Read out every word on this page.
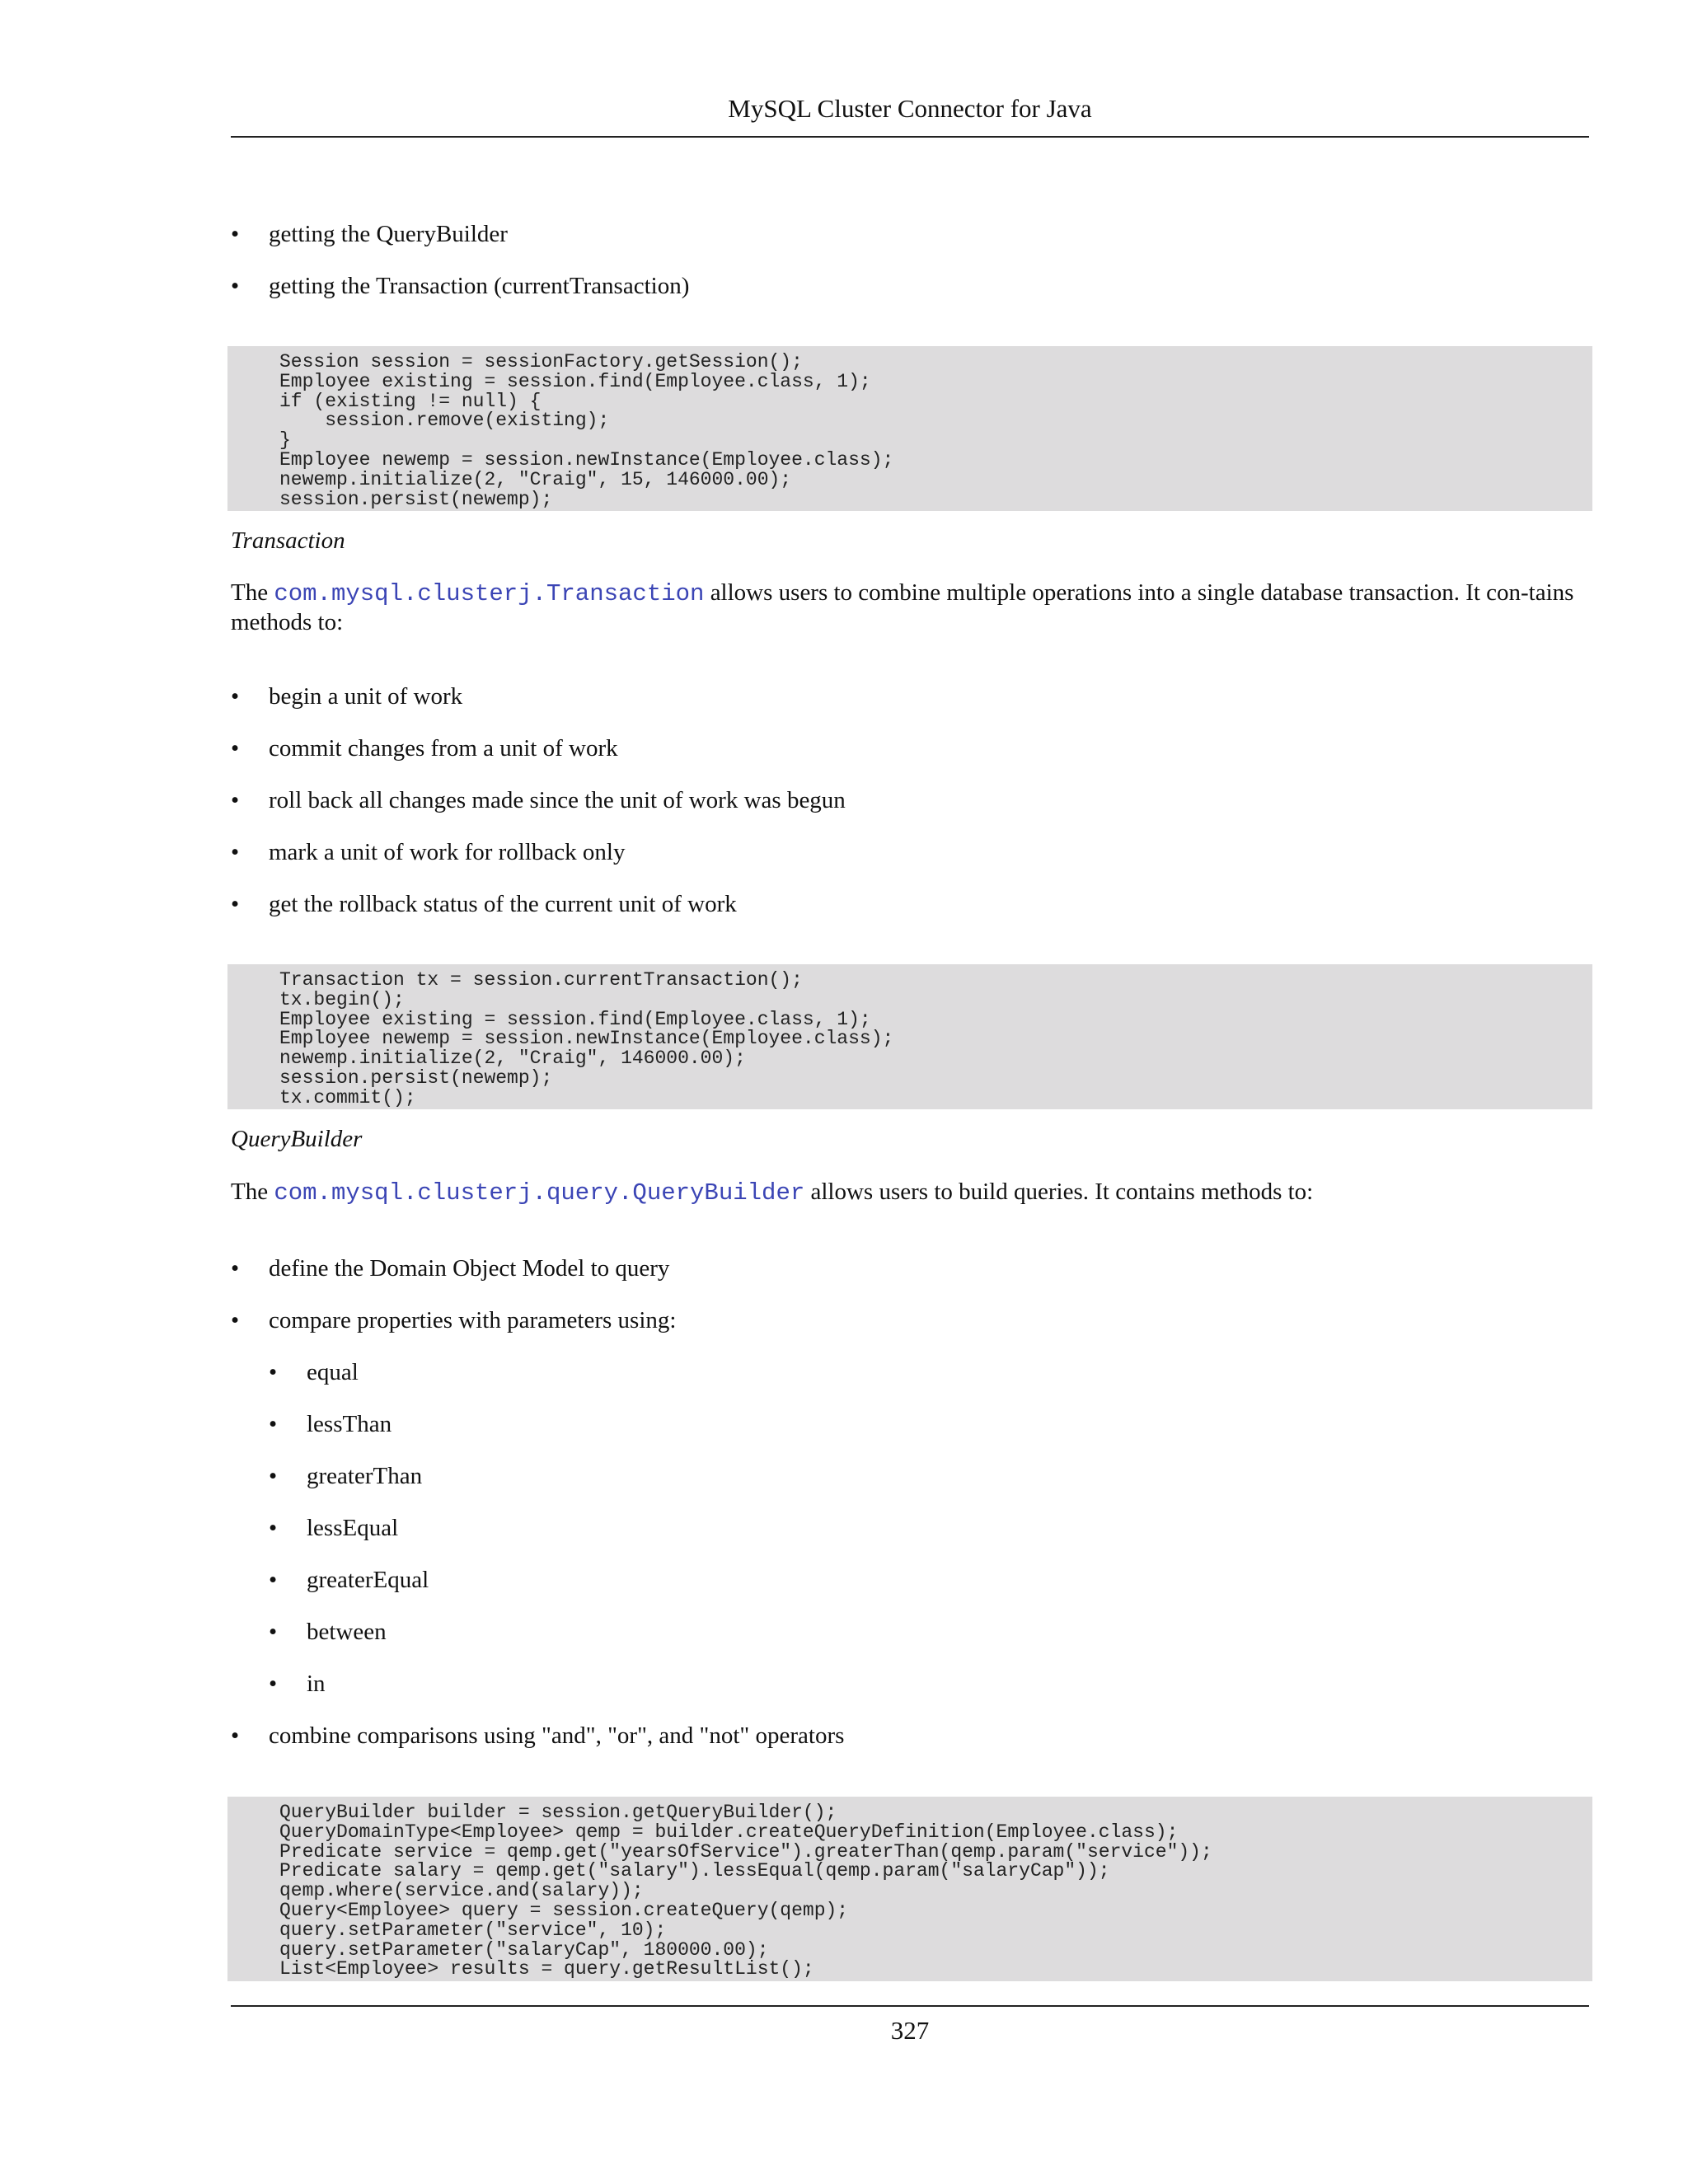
MySQL Cluster Connector for Java
• getting the QueryBuilder
• getting the Transaction (currentTransaction)
Session session = sessionFactory.getSession();
Employee existing = session.find(Employee.class, 1);
if (existing != null) {
session.remove(existing);
}
Employee newemp = session.newInstance(Employee.class);
newemp.initialize(2, "Craig", 15, 146000.00);
session.persist(newemp);
Transaction
The com.mysql.clusterj.Transaction allows users to combine multiple operations into a single database transaction. It con-tains methods to:
• begin a unit of work
• commit changes from a unit of work
• roll back all changes made since the unit of work was begun
• mark a unit of work for rollback only
• get the rollback status of the current unit of work
Transaction tx = session.currentTransaction();
tx.begin();
Employee existing = session.find(Employee.class, 1);
Employee newemp = session.newInstance(Employee.class);
newemp.initialize(2, "Craig", 146000.00);
session.persist(newemp);
tx.commit();
QueryBuilder
The com.mysql.clusterj.query.QueryBuilder allows users to build queries. It contains methods to:
• define the Domain Object Model to query
• compare properties with parameters using:
• equal
• lessThan
• greaterThan
• lessEqual
• greaterEqual
• between
• in
• combine comparisons using "and", "or", and "not" operators
QueryBuilder builder = session.getQueryBuilder();
QueryDomainType<Employee> qemp = builder.createQueryDefinition(Employee.class);
Predicate service = qemp.get("yearsOfService").greaterThan(qemp.param("service"));
Predicate salary = qemp.get("salary").lessEqual(qemp.param("salaryCap"));
qemp.where(service.and(salary));
Query<Employee> query = session.createQuery(qemp);
query.setParameter("service", 10);
query.setParameter("salaryCap", 180000.00);
List<Employee> results = query.getResultList();
327
